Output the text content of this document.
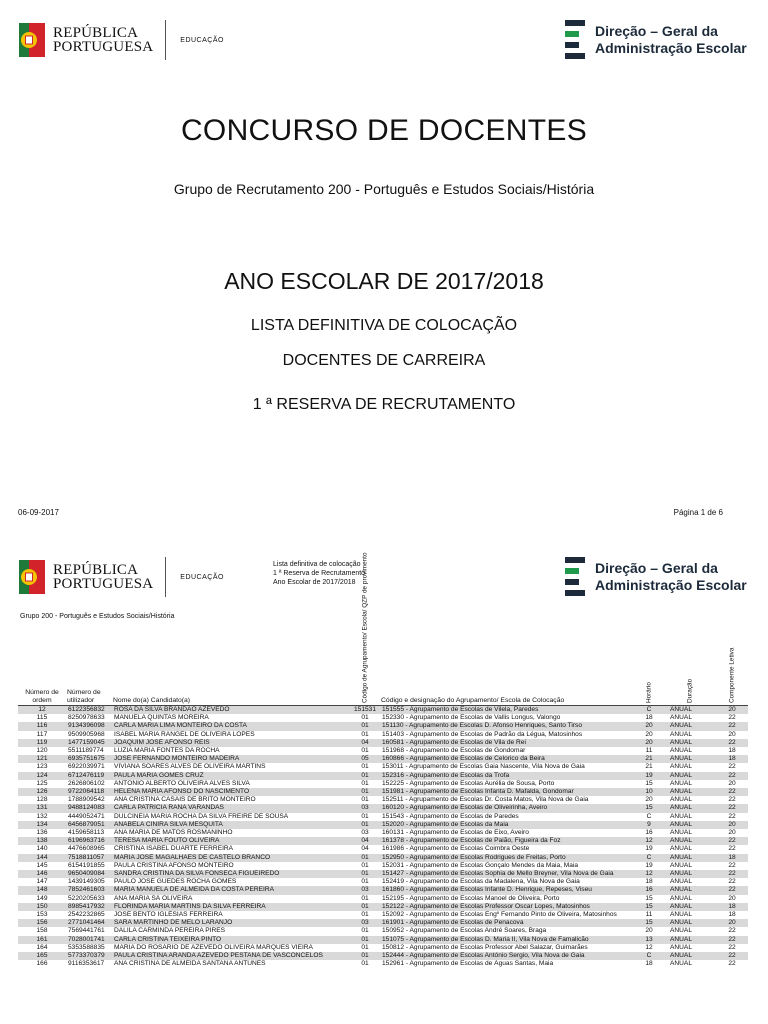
REPÚBLICA
PORTUGUESA	EDUCAÇÃO
Direção – Geral da
Administração Escolar
CONCURSO DE DOCENTES
Grupo de Recrutamento 200 - Português e Estudos Sociais/História
ANO ESCOLAR DE 2017/2018
LISTA DEFINITIVA DE COLOCAÇÃO
DOCENTES DE CARREIRA
1 ª RESERVA DE RECRUTAMENTO
06-09-2017	Página 1 de 6
REPÚBLICA
PORTUGUESA	EDUCAÇÃO
Lista definitiva de colocação
1 ª Reserva de Recrutamento
Ano Escolar de 2017/2018
Direção – Geral da
Administração Escolar
Grupo 200 - Português e Estudos Sociais/História
Número de ordem	Número de utilizador	Nome do(a) Candidato(a)	Código de Agrupamento/ Escola/ QZP de provimento	Código e designação do Agrupamento/ Escola de Colocação	Horário	Duração	Componente Letiva

12	6122356832	ROSA DA SILVA BRANDAO AZEVEDO	151531	151555 - Agrupamento de Escolas de Vilela, Paredes	C	ANUAL	20
115	8250978633	MANUELA QUINTAS MOREIRA	01	152330 - Agrupamento de Escolas de Vallis Longus, Valongo	18	ANUAL	22
116	9134396098	CARLA MARIA LIMA MONTEIRO DA COSTA	01	151130 - Agrupamento de Escolas D. Afonso Henriques, Santo Tirso	20	ANUAL	22
117	9509905968	ISABEL MARIA RANGEL DE OLIVEIRA LOPES	01	151403 - Agrupamento de Escolas de Padrão da Légua, Matosinhos	20	ANUAL	20
119	1477159045	JOAQUIM JOSÉ AFONSO REIS	04	160581 - Agrupamento de Escolas de Vila de Rei	20	ANUAL	22
120	5511189774	LUZIA MARIA FONTES DA ROCHA	01	151968 - Agrupamento de Escolas de Gondomar	11	ANUAL	18
121	6935751675	JOSÉ FERNANDO MONTEIRO MADEIRA	05	160866 - Agrupamento de Escolas de Celorico da Beira	21	ANUAL	18
123	6922039971	VIVIANA SOARES ALVES DE OLIVEIRA MARTINS	01	153011 - Agrupamento de Escolas Gaia Nascente, Vila Nova de Gaia	21	ANUAL	22
124	6712476119	PAULA MARIA GOMES CRUZ	01	152316 - Agrupamento de Escolas da Trofa	19	ANUAL	22
125	2626806102	ANTÓNIO ALBERTO OLIVEIRA ALVES SILVA	01	152225 - Agrupamento de Escolas Aurélia de Sousa, Porto	15	ANUAL	20
126	9722064118	HELENA MARIA AFONSO DO NASCIMENTO	01	151981 - Agrupamento de Escolas Infanta D. Mafalda, Gondomar	10	ANUAL	22
128	1788909542	ANA CRISTINA CASAIS DE BRITO MONTEIRO	01	152511 - Agrupamento de Escolas Dr. Costa Matos, Vila Nova de Gaia	20	ANUAL	22
131	9488124083	CARLA PATRICIA RANA VARANDAS	03	160120 - Agrupamento de Escolas de Oliveirinha, Aveiro	15	ANUAL	22
132	4449052471	DULCINEIA MARIA ROCHA DA SILVA FREIRE DE SOUSA	01	151543 - Agrupamento de Escolas de Paredes	C	ANUAL	22
134	6456879051	ANABELA CINIRA SILVA MESQUITA	01	152020 - Agrupamento de Escolas da Maia	9	ANUAL	20
136	4159658113	ANA MARIA DE MATOS ROSMANINHO	03	160131 - Agrupamento de Escolas de Eixo, Aveiro	16	ANUAL	20
138	6196963716	TERESA MARIA FOUTO OLIVEIRA	04	161378 - Agrupamento de Escolas de Paião, Figueira da Foz	12	ANUAL	22
140	4476608965	CRISTINA ISABEL DUARTE FERREIRA	04	161986 - Agrupamento de Escolas Coimbra Oeste	19	ANUAL	22
144	7518811057	MARIA JOSÉ MAGALHÃES DE CASTELO BRANCO	01	152950 - Agrupamento de Escolas Rodrigues de Freitas, Porto	C	ANUAL	18
145	6154191855	PAULA CRISTINA AFONSO MONTEIRO	01	152031 - Agrupamento de Escolas Gonçalo Mendes da Maia, Maia	19	ANUAL	22
146	9650409084	SANDRA CRISTINA DA SILVA FONSECA FIGUEIREDO	01	151427 - Agrupamento de Escolas Sophia de Mello Breyner, Vila Nova de Gaia	12	ANUAL	22
147	1439149305	PAULO JOSÉ GUEDES ROCHA GOMES	01	152419 - Agrupamento de Escolas da Madalena, Vila Nova de Gaia	18	ANUAL	22
148	7852461603	MARIA MANUELA DE ALMEIDA DA COSTA PEREIRA	03	161860 - Agrupamento de Escolas Infante D. Henrique, Repeses, Viseu	16	ANUAL	22
149	5220205633	ANA MARIA SÁ OLIVEIRA	01	152195 - Agrupamento de Escolas Manoel de Oliveira, Porto	15	ANUAL	20
150	8985417932	FLORINDA MARIA MARTINS DA SILVA FERREIRA	01	152122 - Agrupamento de Escolas Professor Óscar Lopes, Matosinhos	15	ANUAL	18
153	2542232865	JOSÉ BENTO IGLÉSIAS FERREIRA	01	152092 - Agrupamento de Escolas Engº Fernando Pinto de Oliveira, Matosinhos	11	ANUAL	18
156	2771041464	SARA MARTINHO DE MELO LARANJO	03	161901 - Agrupamento de Escolas de Penacova	15	ANUAL	20
158	7569441761	DALILA CARMINDA PEREIRA PIRES	01	150952 - Agrupamento de Escolas André Soares, Braga	20	ANUAL	22
161	7028001741	CARLA CRISTINA TEIXEIRA PINTO	01	151075 - Agrupamento de Escolas D. Maria II, Vila Nova de Famalicão	13	ANUAL	22
164	5353588835	MARIA DO ROSÁRIO DE AZEVEDO OLIVEIRA MARQUES VIEIRA	01	150812 - Agrupamento de Escolas Professor Abel Salazar, Guimarães	12	ANUAL	22
165	5773370379	PAULA CRISTINA ARANDA AZEVEDO PESTANA DE VASCONCELOS	01	152444 - Agrupamento de Escolas António Sergio, Vila Nova de Gaia	C	ANUAL	22
166	9116353617	ANA CRISTINA DE ALMEIDA SANTANA ANTUNES	01	152961 - Agrupamento de Escolas de Águas Santas, Maia	18	ANUAL	22
